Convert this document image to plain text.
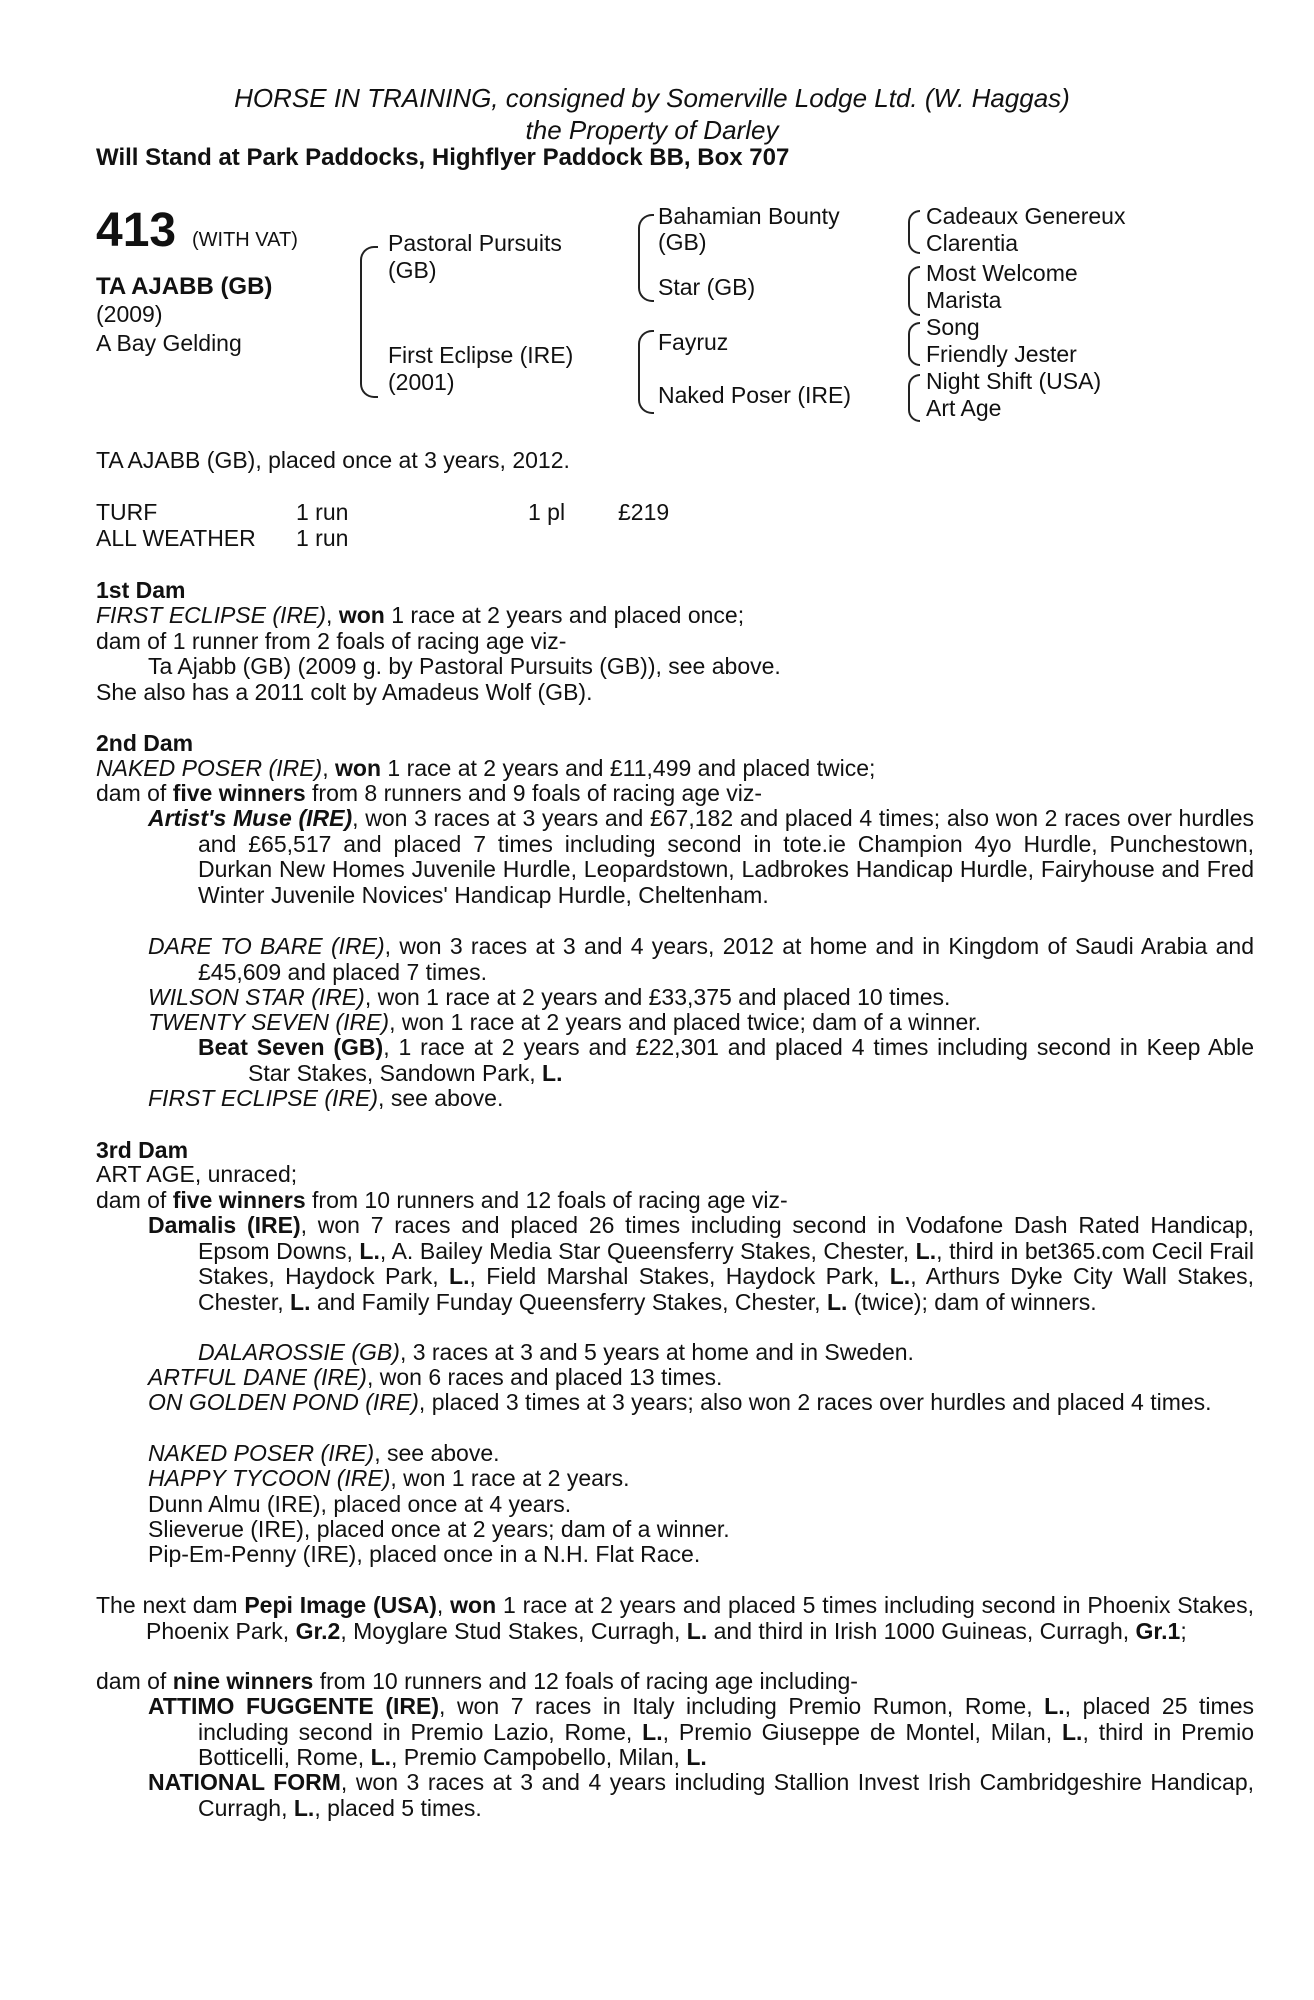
HORSE IN TRAINING, consigned by Somerville Lodge Ltd. (W. Haggas)
the Property of Darley
Will Stand at Park Paddocks, Highflyer Paddock BB, Box 707
413 (WITH VAT)
TA AJABB (GB)
(2009)
A Bay Gelding
Pastoral Pursuits
(GB)
First Eclipse (IRE)
(2001)
Bahamian Bounty
(GB)
Star (GB)
Fayruz
Naked Poser (IRE)
Cadeaux Genereux
Clarentia
Most Welcome
Marista
Song
Friendly Jester
Night Shift (USA)
Art Age
TA AJABB (GB), placed once at 3 years, 2012.
TURF	1 run	1 pl £219
ALL WEATHER 1 run
1st Dam
FIRST ECLIPSE (IRE), won 1 race at 2 years and placed once;
dam of 1 runner from 2 foals of racing age viz-
Ta Ajabb (GB) (2009 g. by Pastoral Pursuits (GB)), see above.
She also has a 2011 colt by Amadeus Wolf (GB).
2nd Dam
NAKED POSER (IRE), won 1 race at 2 years and £11,499 and placed twice;
dam of five winners from 8 runners and 9 foals of racing age viz-
Artist's Muse (IRE), won 3 races at 3 years and £67,182 and placed 4 times; also won 2 races over hurdles and £65,517 and placed 7 times including second in tote.ie Champion 4yo Hurdle, Punchestown, Durkan New Homes Juvenile Hurdle, Leopardstown, Ladbrokes Handicap Hurdle, Fairyhouse and Fred Winter Juvenile Novices' Handicap Hurdle, Cheltenham.
DARE TO BARE (IRE), won 3 races at 3 and 4 years, 2012 at home and in Kingdom of Saudi Arabia and £45,609 and placed 7 times.
WILSON STAR (IRE), won 1 race at 2 years and £33,375 and placed 10 times.
TWENTY SEVEN (IRE), won 1 race at 2 years and placed twice; dam of a winner.
Beat Seven (GB), 1 race at 2 years and £22,301 and placed 4 times including second in Keep Able Star Stakes, Sandown Park, L.
FIRST ECLIPSE (IRE), see above.
3rd Dam
ART AGE, unraced;
dam of five winners from 10 runners and 12 foals of racing age viz-
Damalis (IRE), won 7 races and placed 26 times including second in Vodafone Dash Rated Handicap, Epsom Downs, L., A. Bailey Media Star Queensferry Stakes, Chester, L., third in bet365.com Cecil Frail Stakes, Haydock Park, L., Field Marshal Stakes, Haydock Park, L., Arthurs Dyke City Wall Stakes, Chester, L. and Family Funday Queensferry Stakes, Chester, L. (twice); dam of winners.
DALAROSSIE (GB), 3 races at 3 and 5 years at home and in Sweden.
ARTFUL DANE (IRE), won 6 races and placed 13 times.
ON GOLDEN POND (IRE), placed 3 times at 3 years; also won 2 races over hurdles and placed 4 times.
NAKED POSER (IRE), see above.
HAPPY TYCOON (IRE), won 1 race at 2 years.
Dunn Almu (IRE), placed once at 4 years.
Slieverue (IRE), placed once at 2 years; dam of a winner.
Pip-Em-Penny (IRE), placed once in a N.H. Flat Race.
The next dam Pepi Image (USA), won 1 race at 2 years and placed 5 times including second in Phoenix Stakes, Phoenix Park, Gr.2, Moyglare Stud Stakes, Curragh, L. and third in Irish 1000 Guineas, Curragh, Gr.1;
dam of nine winners from 10 runners and 12 foals of racing age including-
ATTIMO FUGGENTE (IRE), won 7 races in Italy including Premio Rumon, Rome, L., placed 25 times including second in Premio Lazio, Rome, L., Premio Giuseppe de Montel, Milan, L., third in Premio Botticelli, Rome, L., Premio Campobello, Milan, L.
NATIONAL FORM, won 3 races at 3 and 4 years including Stallion Invest Irish Cambridgeshire Handicap, Curragh, L., placed 5 times.
